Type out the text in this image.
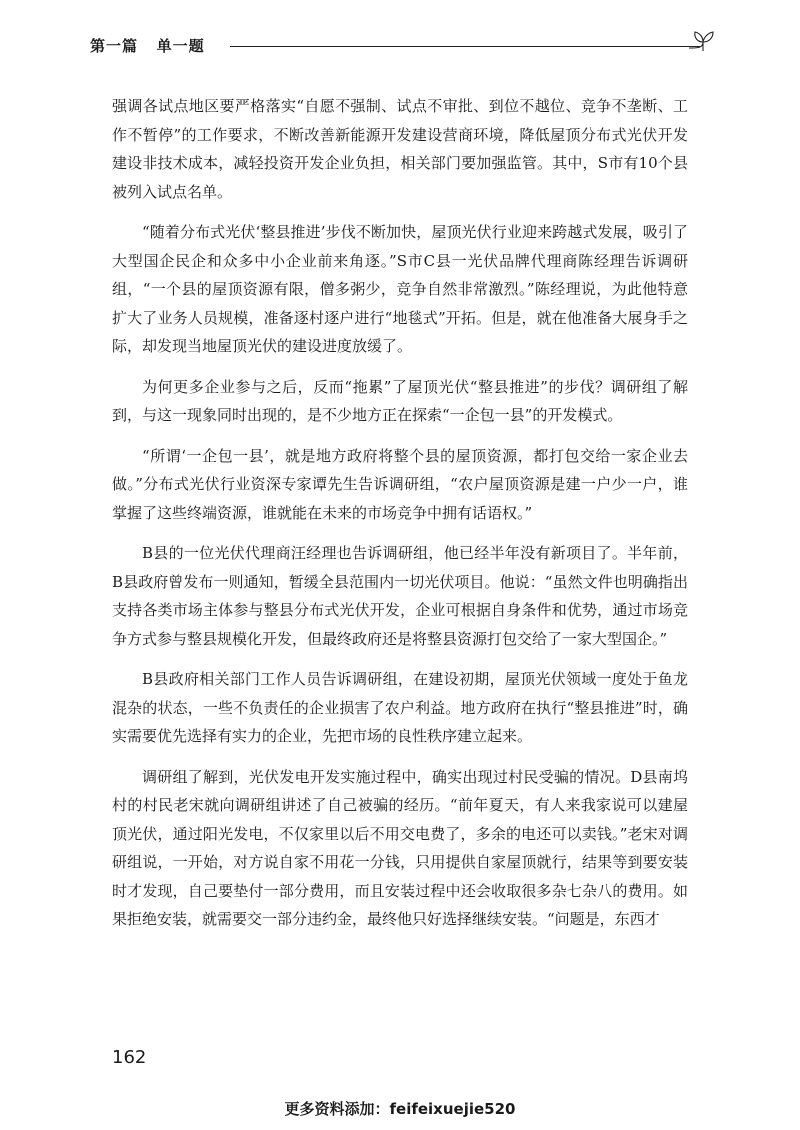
第一篇   单一题

强调各试点地区要严格落实“自愿不强制、试点不审批、到位不越位、竞争不垄断、工作不暂停”的工作要求，不断改善新能源开发建设营商环境，降低屋顶分布式光伏开发建设非技术成本，减轻投资开发企业负担，相关部门要加强监管。其中，S市有10个县被列入试点名单。

“随着分布式光伏‘整县推进’步伐不断加快，屋顶光伏行业迎来跨越式发展，吸引了大型国企民企和众多中小企业前来角逐。”S市C县一光伏品牌代理商陈经理告诉调研组，“一个县的屋顶资源有限，僧多粥少，竞争自然非常激烈。”陈经理说，为此他特意扩大了业务人员规模，准备逐村逐户进行“地毯式”开拓。但是，就在他准备大展身手之际，却发现当地屋顶光伏的建设进度放缓了。

为何更多企业参与之后，反而“拖累”了屋顶光伏“整县推进”的步伐？调研组了解到，与这一现象同时出现的，是不少地方正在探索“一企包一县”的开发模式。

“所谓‘一企包一县’，就是地方政府将整个县的屋顶资源，都打包交给一家企业去做。”分布式光伏行业资深专家谭先生告诉调研组，“农户屋顶资源是建一户少一户，谁掌握了这些终端资源，谁就能在未来的市场竞争中拥有话语权。”

B县的一位光伏代理商汪经理也告诉调研组，他已经半年没有新项目了。半年前，B县政府曾发布一则通知，暂缓全县范围内一切光伏项目。他说：“虽然文件也明确指出支持各类市场主体参与整县分布式光伏开发，企业可根据自身条件和优势，通过市场竞争方式参与整县规模化开发，但最终政府还是将整县资源打包交给了一家大型国企。”

B县政府相关部门工作人员告诉调研组，在建设初期，屋顶光伏领域一度处于鱼龙混杂的状态，一些不负责任的企业损害了农户利益。地方政府在执行“整县推进”时，确实需要优先选择有实力的企业，先把市场的良性秩序建立起来。

调研组了解到，光伏发电开发实施过程中，确实出现过村民受骗的情况。D县南坞村的村民老宋就向调研组讲述了自己被骗的经历。“前年夏天，有人来我家说可以建屋顶光伏，通过阳光发电，不仅家里以后不用交电费了，多余的电还可以卖钱。”老宋对调研组说，一开始，对方说自家不用花一分钱，只用提供自家屋顶就行，结果等到要安装时才发现，自己要垫付一部分费用，而且安装过程中还会收取很多杂七杂八的费用。如果拒绝安装，就需要交一部分违约金，最终他只好选择继续安装。“问题是，东西才

162
更多资料添加：feifeixuejie520
